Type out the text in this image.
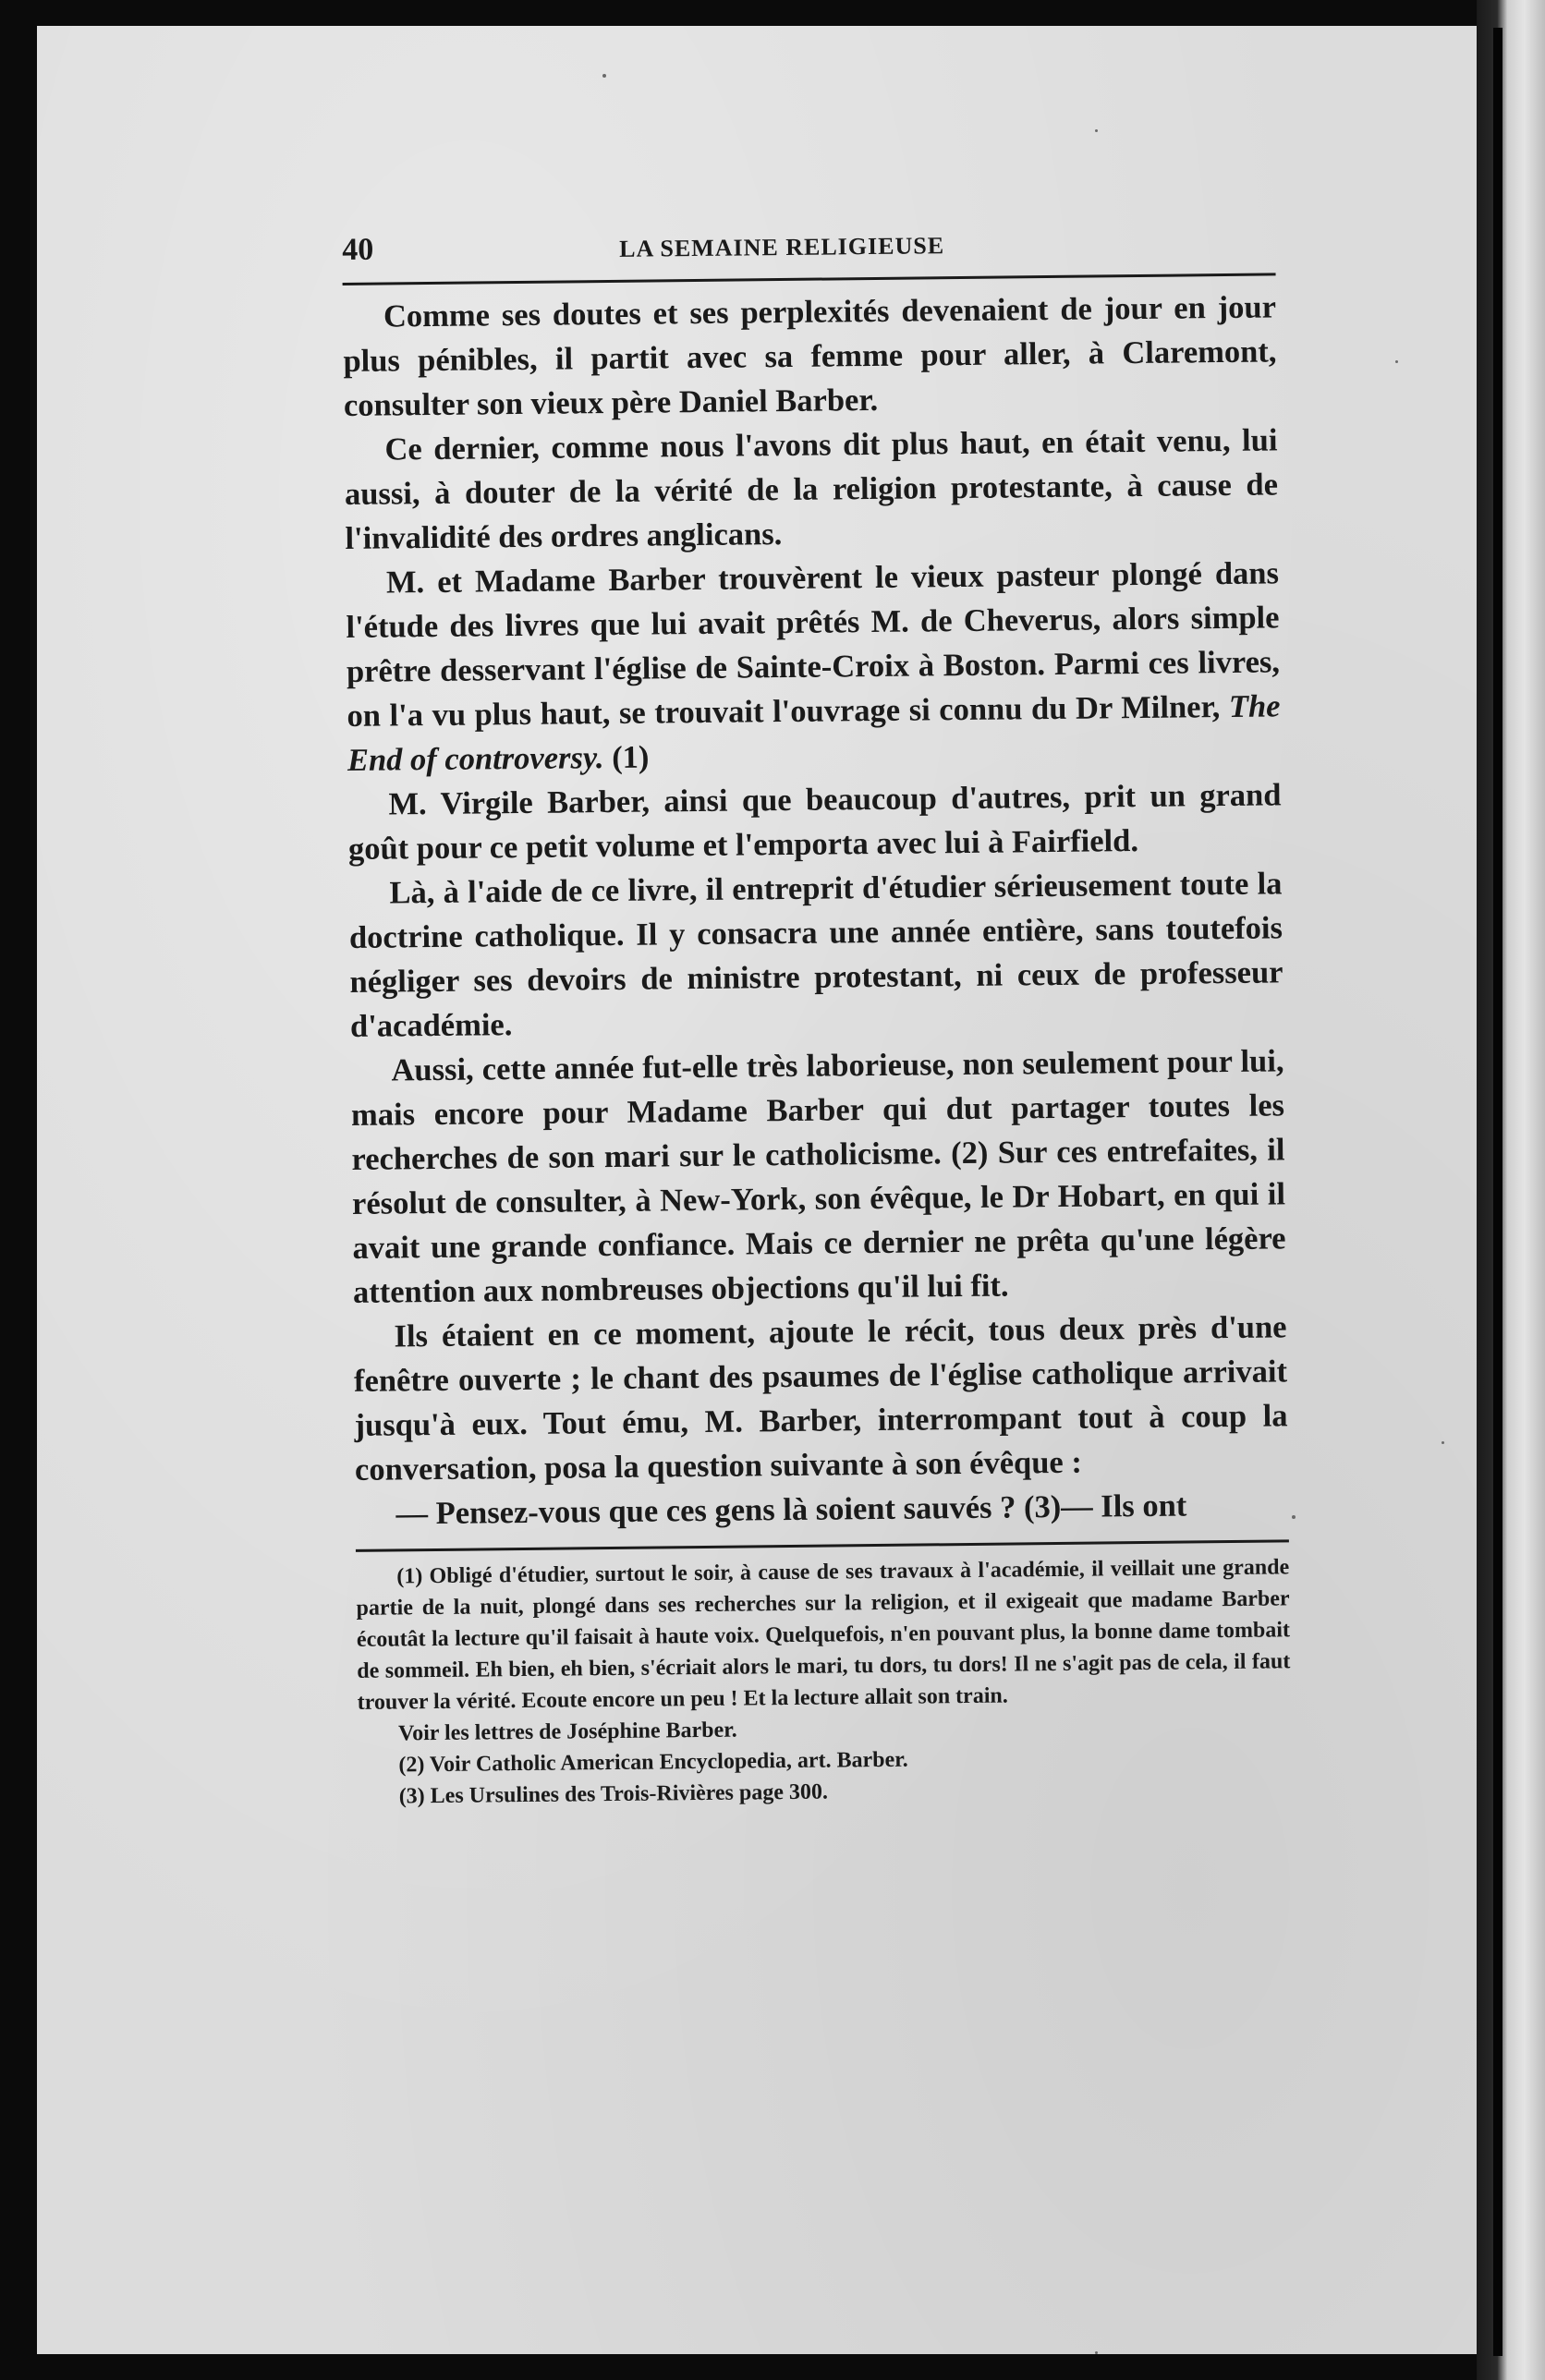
40	LA SEMAINE RELIGIEUSE

Comme ses doutes et ses perplexités devenaient de jour en jour plus pénibles, il partit avec sa femme pour aller, à Claremont, consulter son vieux père Daniel Barber.

Ce dernier, comme nous l'avons dit plus haut, en était venu, lui aussi, à douter de la vérité de la religion protestante, à cause de l'invalidité des ordres anglicans.

M. et Madame Barber trouvèrent le vieux pasteur plongé dans l'étude des livres que lui avait prêtés M. de Cheverus, alors simple prêtre desservant l'église de Sainte-Croix à Boston. Parmi ces livres, on l'a vu plus haut, se trouvait l'ouvrage si connu du Dr Milner, The End of controversy. (1)

M. Virgile Barber, ainsi que beaucoup d'autres, prit un grand goût pour ce petit volume et l'emporta avec lui à Fairfield.

Là, à l'aide de ce livre, il entreprit d'étudier sérieusement toute la doctrine catholique. Il y consacra une année entière, sans toutefois négliger ses devoirs de ministre protestant, ni ceux de professeur d'académie.

Aussi, cette année fut-elle très laborieuse, non seulement pour lui, mais encore pour Madame Barber qui dut partager toutes les recherches de son mari sur le catholicisme. (2) Sur ces entrefaites, il résolut de consulter, à New-York, son évêque, le Dr Hobart, en qui il avait une grande confiance. Mais ce dernier ne prêta qu'une légère attention aux nombreuses objections qu'il lui fit.

Ils étaient en ce moment, ajoute le récit, tous deux près d'une fenêtre ouverte ; le chant des psaumes de l'église catholique arrivait jusqu'à eux. Tout ému, M. Barber, interrompant tout à coup la conversation, posa la question suivante à son évêque :

— Pensez-vous que ces gens là soient sauvés ? (3)— Ils ont

(1) Obligé d'étudier, surtout le soir, à cause de ses travaux à l'académie, il veillait une grande partie de la nuit, plongé dans ses recherches sur la religion, et il exigeait que madame Barber écoutât la lecture qu'il faisait à haute voix. Quelquefois, n'en pouvant plus, la bonne dame tombait de sommeil. Eh bien, eh bien, s'écriait alors le mari, tu dors, tu dors! Il ne s'agit pas de cela, il faut trouver la vérité. Ecoute encore un peu ! Et la lecture allait son train.

Voir les lettres de Joséphine Barber.

(2) Voir Catholic American Encyclopedia, art. Barber.

(3) Les Ursulines des Trois-Rivières page 300.
